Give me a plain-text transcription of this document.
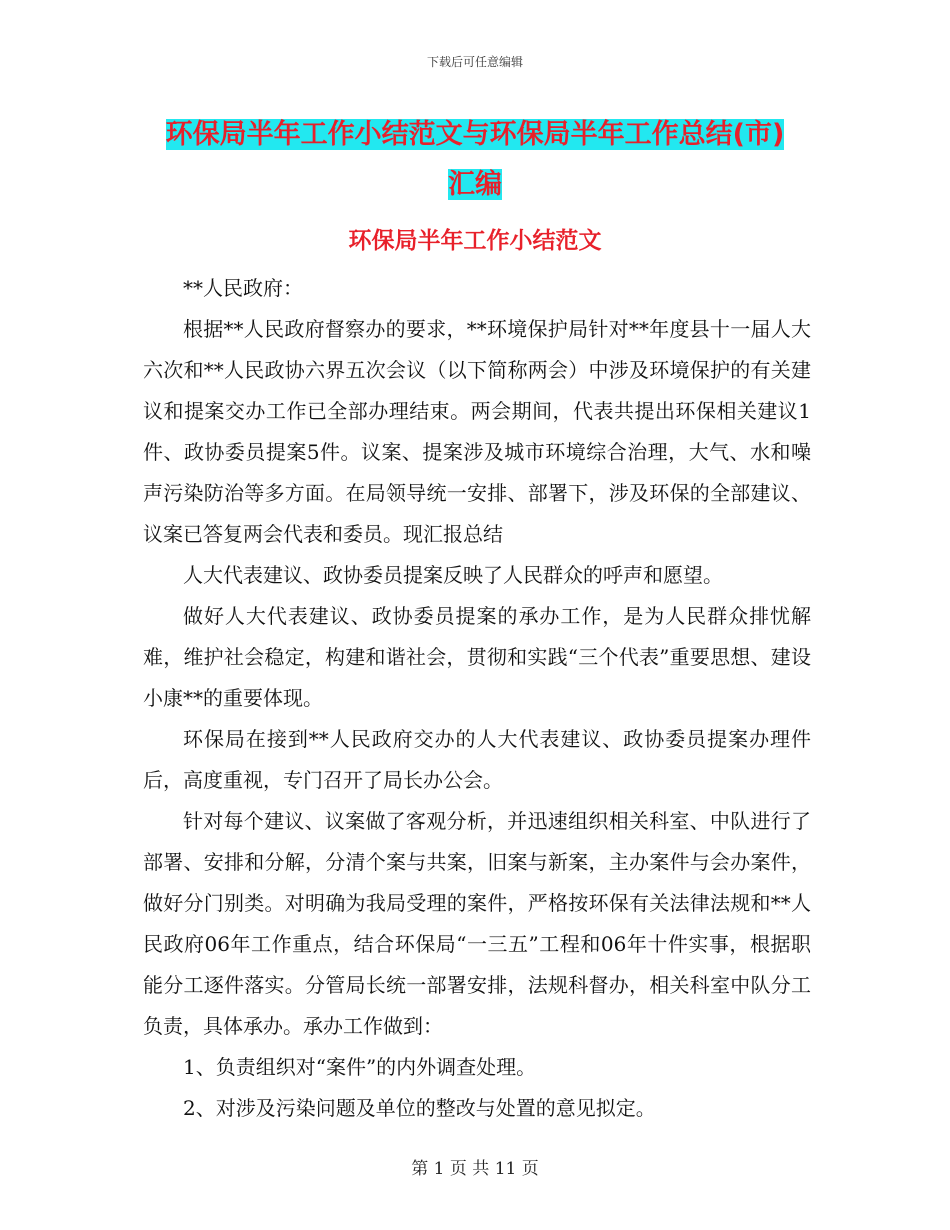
下载后可任意编辑
环保局半年工作小结范文与环保局半年工作总结(市)
汇编
环保局半年工作小结范文

**人民政府：

根据**人民政府督察办的要求，**环境保护局针对**年度县十一届人大六次和**人民政协六界五次会议（以下简称两会）中涉及环境保护的有关建议和提案交办工作已全部办理结束。两会期间，代表共提出环保相关建议1件、政协委员提案5件。议案、提案涉及城市环境综合治理，大气、水和噪声污染防治等多方面。在局领导统一安排、部署下，涉及环保的全部建议、议案已答复两会代表和委员。现汇报总结

人大代表建议、政协委员提案反映了人民群众的呼声和愿望。

做好人大代表建议、政协委员提案的承办工作，是为人民群众排忧解难，维护社会稳定，构建和谐社会，贯彻和实践“三个代表”重要思想、建设小康**的重要体现。

环保局在接到**人民政府交办的人大代表建议、政协委员提案办理件后，高度重视，专门召开了局长办公会。

针对每个建议、议案做了客观分析，并迅速组织相关科室、中队进行了部署、安排和分解，分清个案与共案，旧案与新案，主办案件与会办案件，做好分门别类。对明确为我局受理的案件，严格按环保有关法律法规和**人民政府06年工作重点，结合环保局“一三五”工程和06年十件实事，根据职能分工逐件落实。分管局长统一部署安排，法规科督办，相关科室中队分工负责，具体承办。承办工作做到：

1、负责组织对“案件”的内外调查处理。

2、对涉及污染问题及单位的整改与处置的意见拟定。

第 1 页 共 11 页
